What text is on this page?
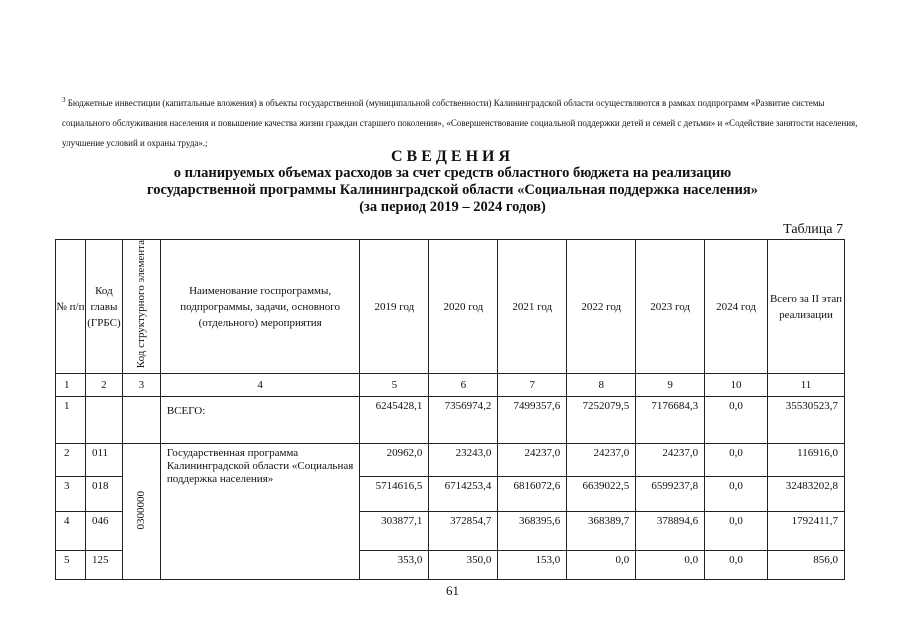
$^3$ Бюджетные инвестиции (капитальные вложения) в объекты государственной (муниципальной собственности) Калининградской области осуществляются в рамках подпрограмм «Развитие системы социального обслуживания населения и повышение качества жизни граждан старшего поколения», «Совершенствование социальной поддержки детей и семей с детьми» и «Содействие занятости населения, улучшение условий и охраны труда».;
СВЕДЕНИЯ
о планируемых объемах расходов за счет средств областного бюджета на реализацию
государственной программы Калининградской области «Социальная поддержка населения»
(за период 2019 – 2024 годов)
Таблица 7
№ п/п	Код главы (ГРБС)	Код структурного элемента	Наименование госпрограммы, подпрограммы, задачи, основного (отдельного) мероприятия	2019 год	2020 год	2021 год	2022 год	2023 год	2024 год	Всего за II этап реализации
1	2	3	4	5	6	7	8	9	10	11
1			ВСЕГО:	6245428,1	7356974,2	7499357,6	7252079,5	7176684,3	0,0	35530523,7
2	011	0300000	Государственная программа Калининградской области «Социальная поддержка населения»	20962,0	23243,0	24237,0	24237,0	24237,0	0,0	116916,0
3	018			5714616,5	6714253,4	6816072,6	6639022,5	6599237,8	0,0	32483202,8
4	046			303877,1	372854,7	368395,6	368389,7	378894,6	0,0	1792411,7
5	125			353,0	350,0	153,0	0,0	0,0	0,0	856,0
61
